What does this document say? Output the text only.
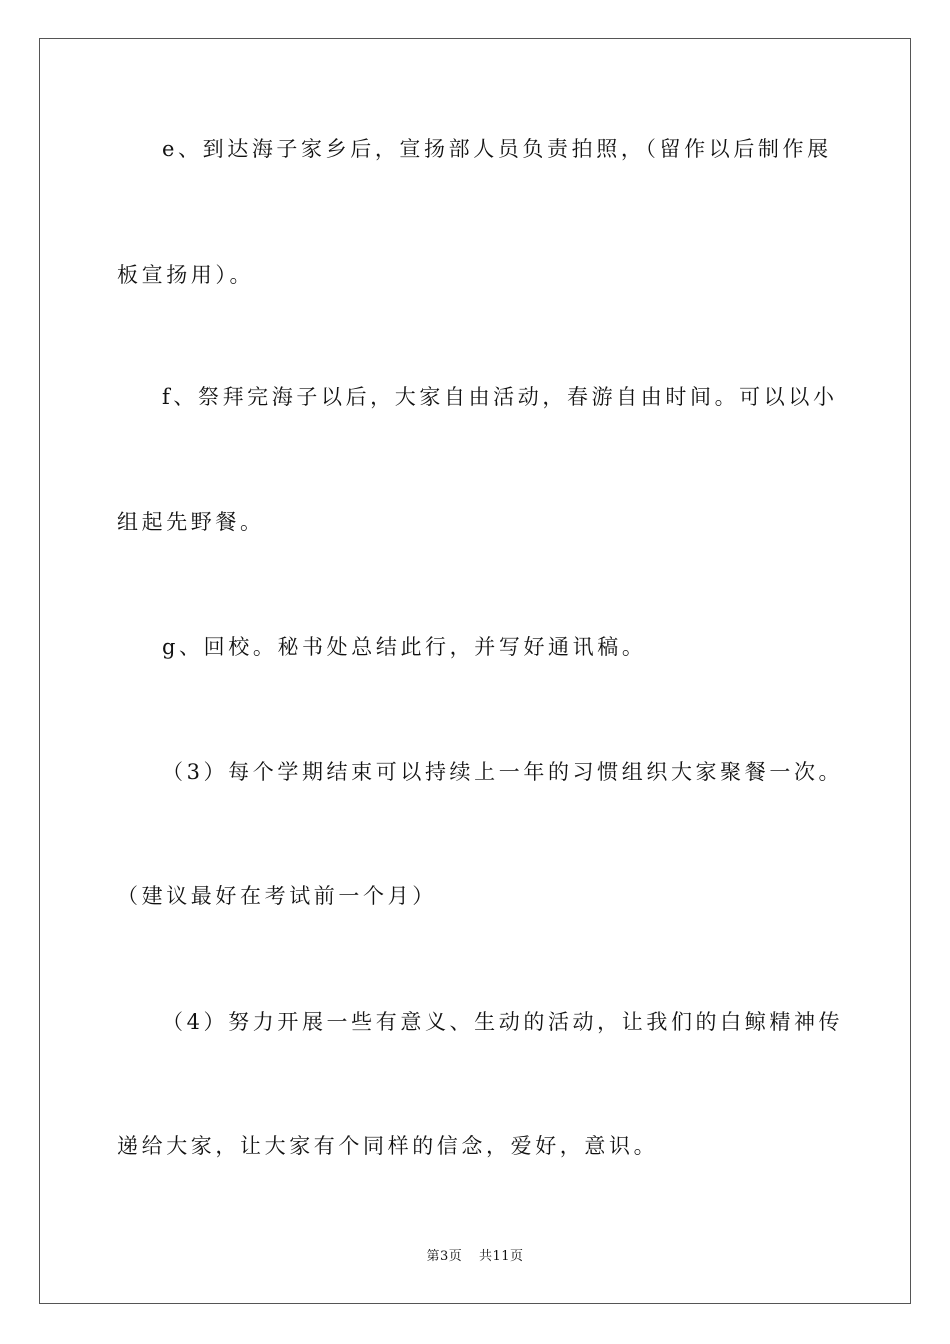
e、到达海子家乡后，宣扬部人员负责拍照，（留作以后制作展
板宣扬用）。
f、祭拜完海子以后，大家自由活动，春游自由时间。可以以小
组起先野餐。
g、回校。秘书处总结此行，并写好通讯稿。
（3）每个学期结束可以持续上一年的习惯组织大家聚餐一次。
（建议最好在考试前一个月）
（4）努力开展一些有意义、生动的活动，让我们的白鲸精神传
递给大家，让大家有个同样的信念，爱好，意识。
第3页 共11页
